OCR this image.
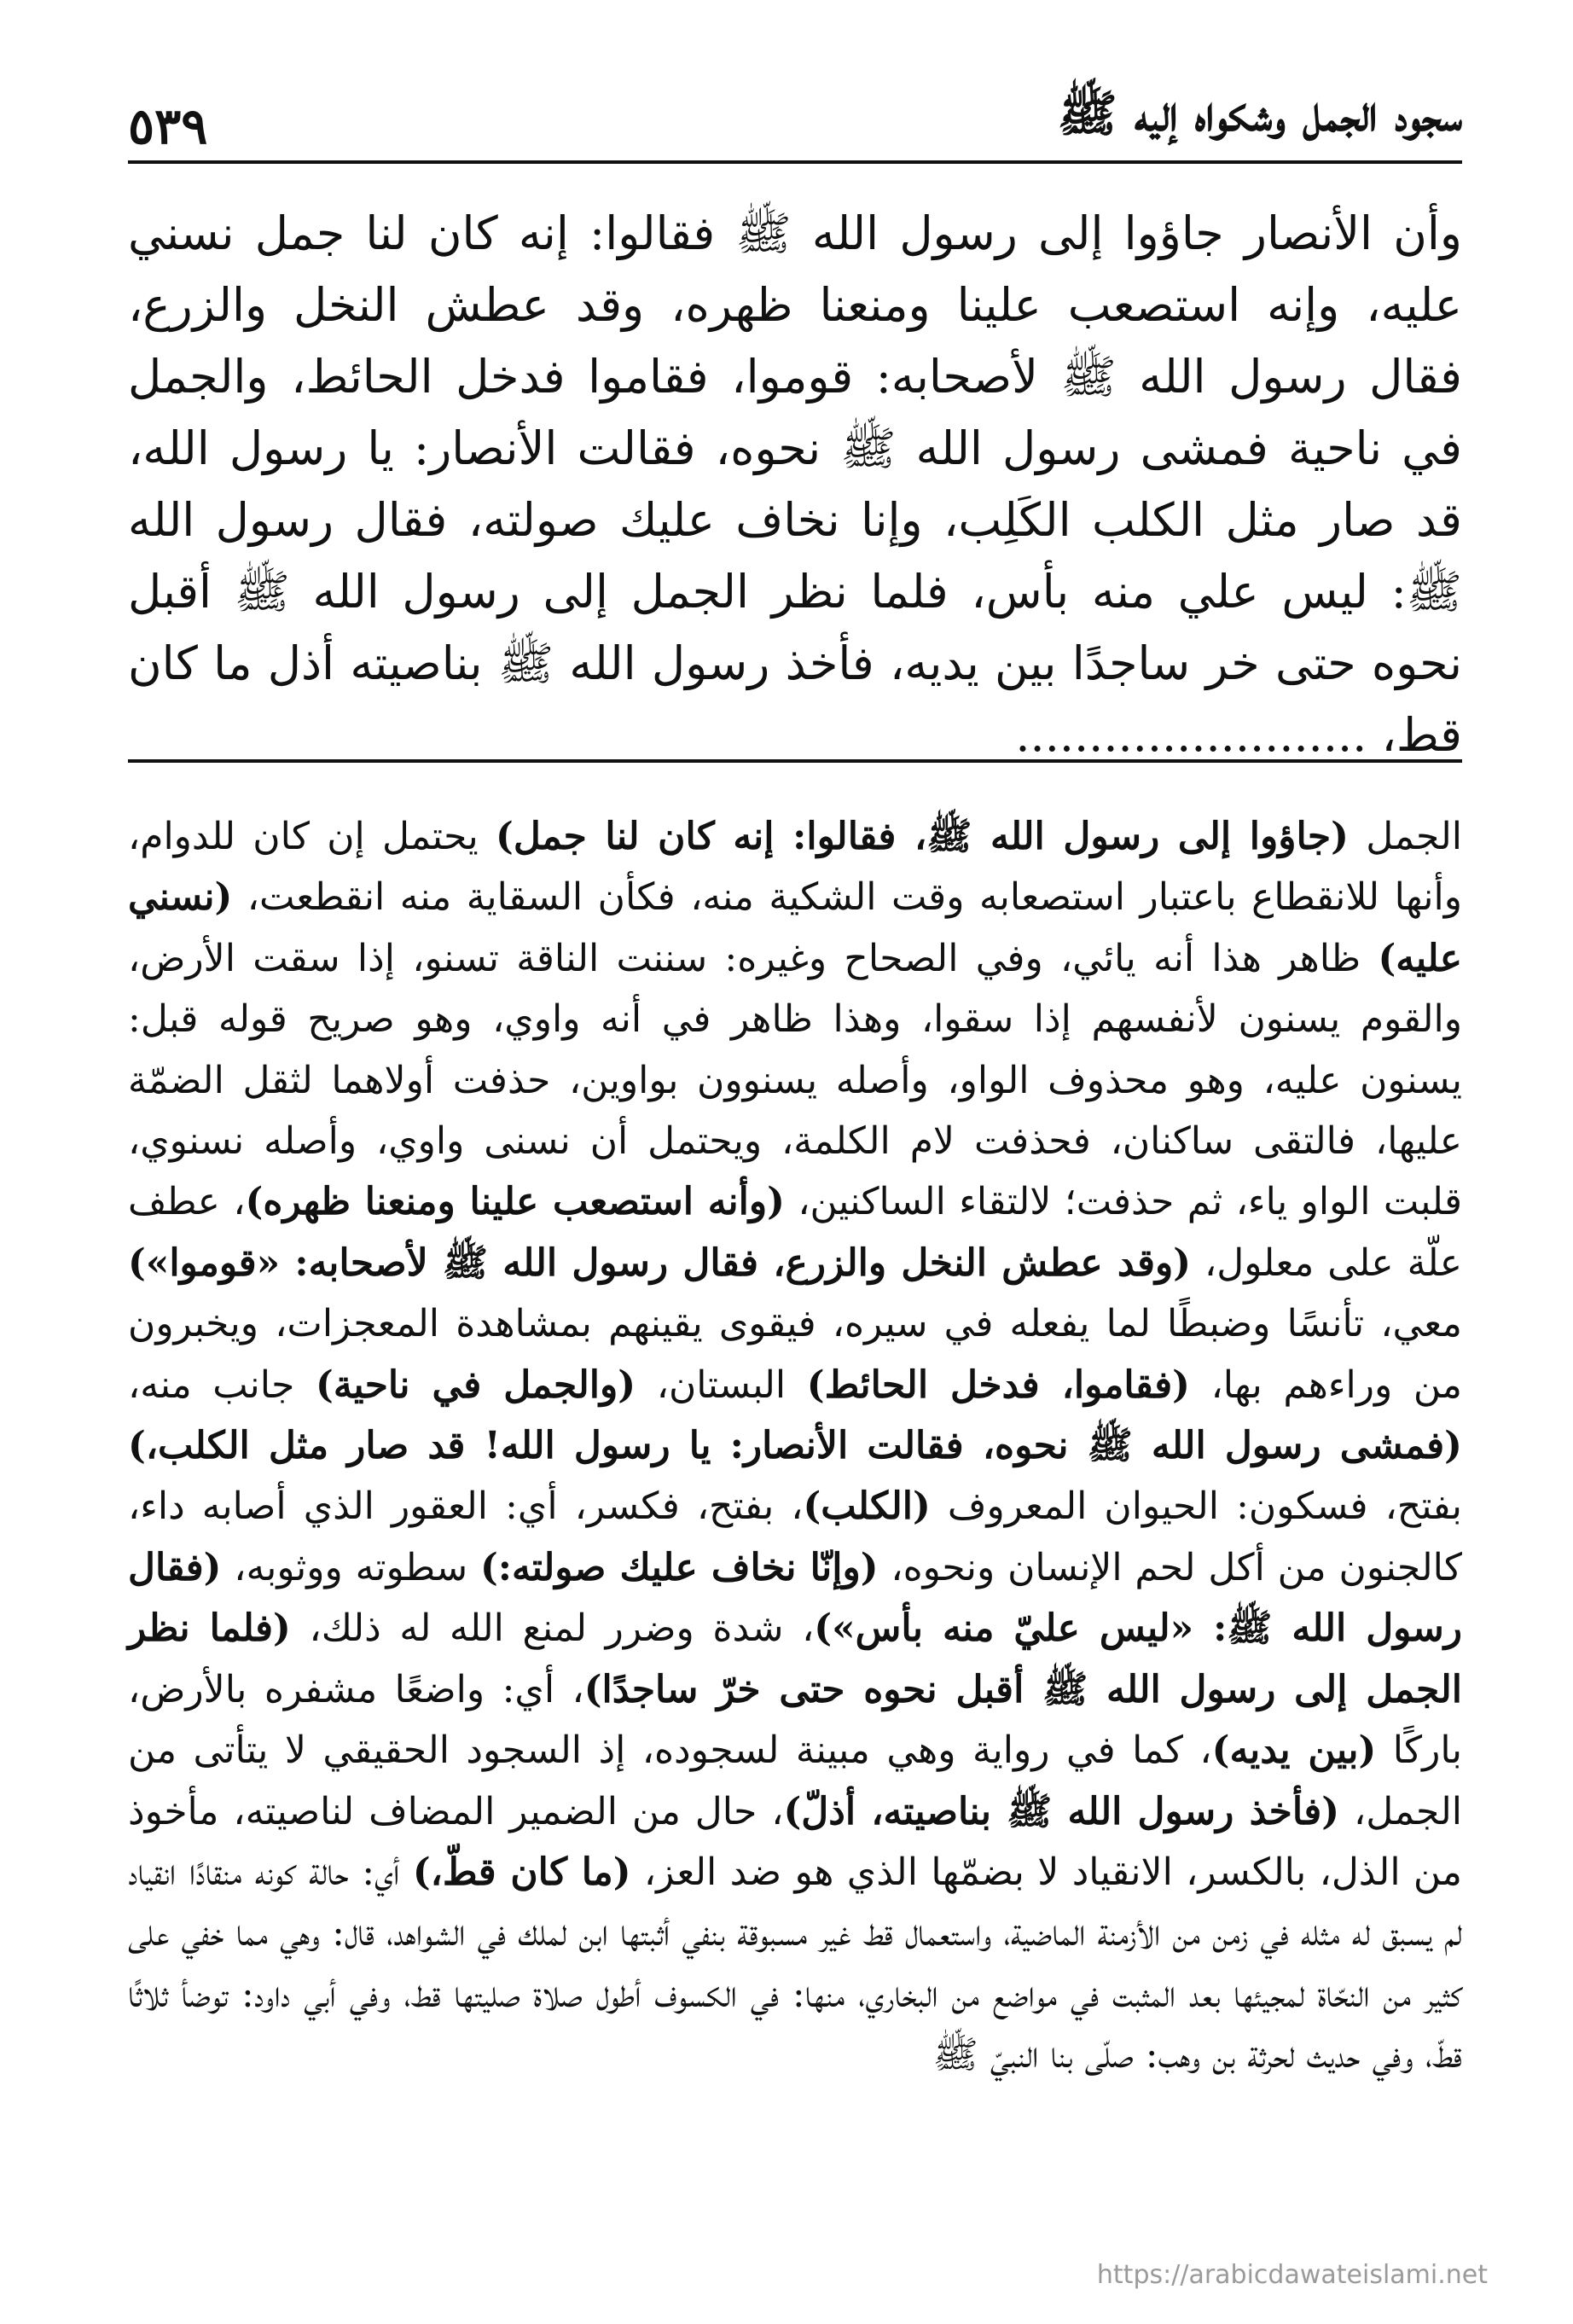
سجود الجمل وشكواه إليه ﷺ
٥٣٩

وأن الأنصار جاؤوا إلى رسول الله ﷺ فقالوا: إنه كان لنا جمل نسني عليه، وإنه استصعب علينا ومنعنا ظهره، وقد عطش النخل والزرع، فقال رسول الله ﷺ لأصحابه: قوموا، فقاموا فدخل الحائط، والجمل في ناحية فمشى رسول الله ﷺ نحوه، فقالت الأنصار: يا رسول الله، قد صار مثل الكلب الكَلِب، وإنا نخاف عليك صولته، فقال رسول الله ﷺ: ليس علي منه بأس، فلما نظر الجمل إلى رسول الله ﷺ أقبل نحوه حتى خر ساجدًا بين يديه، فأخذ رسول الله ﷺ بناصيته أذل ما كان قط، ........................

الجمل (جاؤوا إلى رسول الله ﷺ، فقالوا: إنه كان لنا جمل) يحتمل إن كان للدوام، وأنها للانقطاع باعتبار استصعابه وقت الشكية منه، فكأن السقاية منه انقطعت، (نسني عليه) ظاهر هذا أنه يائي، وفي الصحاح وغيره: سننت الناقة تسنو، إذا سقت الأرض، والقوم يسنون لأنفسهم إذا سقوا، وهذا ظاهر في أنه واوي، وهو صريح قوله قبل: يسنون عليه، وهو محذوف الواو، وأصله يسنوون بواوين، حذفت أولاهما لثقل الضمّة عليها، فالتقى ساكنان، فحذفت لام الكلمة، ويحتمل أن نسنى واوي، وأصله نسنوي، قلبت الواو ياء، ثم حذفت؛ لالتقاء الساكنين، (وأنه استصعب علينا ومنعنا ظهره)، عطف علّة على معلول، (وقد عطش النخل والزرع، فقال رسول الله ﷺ لأصحابه: «قوموا») معي، تأنسًا وضبطًا لما يفعله في سيره، فيقوى يقينهم بمشاهدة المعجزات، ويخبرون من وراءهم بها، (فقاموا، فدخل الحائط) البستان، (والجمل في ناحية) جانب منه، (فمشى رسول الله ﷺ نحوه، فقالت الأنصار: يا رسول الله! قد صار مثل الكلب،) بفتح، فسكون: الحيوان المعروف (الكلب)، بفتح، فكسر، أي: العقور الذي أصابه داء، كالجنون من أكل لحم الإنسان ونحوه، (وإنّا نخاف عليك صولته:) سطوته ووثوبه، (فقال رسول الله ﷺ: «ليس عليّ منه بأس»)، شدة وضرر لمنع الله له ذلك، (فلما نظر الجمل إلى رسول الله ﷺ أقبل نحوه حتى خرّ ساجدًا)، أي: واضعًا مشفره بالأرض، باركًا (بين يديه)، كما في رواية وهي مبينة لسجوده، إذ السجود الحقيقي لا يتأتى من الجمل، (فأخذ رسول الله ﷺ بناصيته، أذلّ)، حال من الضمير المضاف لناصيته، مأخوذ من الذل، بالكسر، الانقياد لا بضمّها الذي هو ضد العز، (ما كان قطّ،) أي: حالة كونه منقادًا انقياد لم يسبق له مثله في زمن من الأزمنة الماضية، واستعمال قط غير مسبوقة بنفي أثبتها ابن لملك في الشواهد، قال: وهي مما خفي على كثير من النحّاة لمجيئها بعد المثبت في مواضع من البخاري، منها: في الكسوف أطول صلاة صليتها قط، وفي أبي داود: توضأ ثلاثًا قطّ، وفي حديث لحرثة بن وهب: صلّى بنا النبيّ ﷺ

https://arabicdawateislami.net
